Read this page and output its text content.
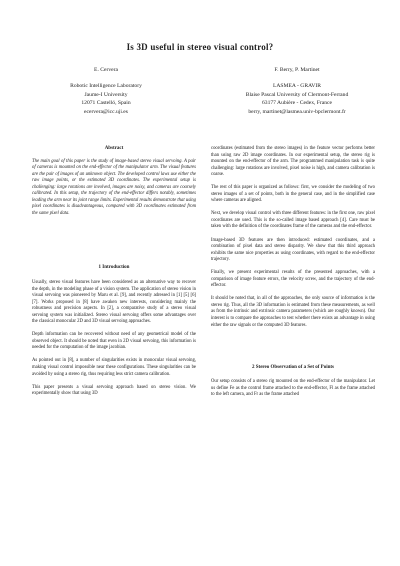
Is 3D useful in stereo visual control?
E. Cervera
Robotic Intelligence Laboratory
Jaume-I University
12071 Castelló, Spain
ecervera@icc.uji.es
F. Berry, P. Martinet
LASMEA - GRAVIR
Blaise Pascal University of Clermont-Ferrand
63177 Aubière - Cedex, France
berry, martinet@lasmea.univ-bpclermont.fr
Abstract

The main goal of this paper is the study of image-based stereo visual servoing. A pair of cameras is mounted on the end-effector of the manipulator arm. The visual features are the pair of images of an unknown object. The developed control laws use either the raw image points, or the estimated 3D coordinates. The experimental setup is challenging: large rotations are involved, images are noisy, and cameras are coarsely calibrated. In this setup, the trajectory of the end-effector differs notably, sometimes leading the arm near its joint range limits. Experimental results demonstrate that using pixel coordinates is disadvantageous, compared with 3D coordinates estimated from the same pixel data.

1 Introduction

Usually, stereo visual features have been considered as an alternative way to recover the depth, in the modeling phase of a vision system. The application of stereo vision in visual servoing was pioneered by Maru et al. [9], and recently adressed in [1] [5] [6] [7]. Works proposed in [8] have awaken new interests, considering mainly the robustness and precision aspects. In [2], a comparative study of a stereo visual servoing system was initialized. Stereo visual servoing offers some advantages over the classical monocular 2D and 3D visual servoing approaches.

Depth information can be recovered without need of any geometrical model of the observed object. It should be noted that even in 2D visual servoing, this information is needed for the computation of the image jacobian.

As pointed out in [8], a number of singularities exists in monocular visual servoing, making visual control impossible near these configurations. These singularities can be avoided by using a stereo rig, thus requiring less strict camera calibration.

This paper presents a visual servoing approach based on stereo vision. We experimentally show that using 3D

coordinates (estimated from the stereo images) in the feature vector performs better than using raw 2D image coordinates. In our experimental setup, the stereo rig is mounted on the end-effector of the arm. The programmed manipulation task is quite challenging: large rotations are involved, pixel noise is high, and camera calibration is coarse.

The rest of this paper is organized as follows: first, we consider the modeling of two stereo images of a set of points, both in the general case, and in the simplified case where cameras are aligned.

Next, we develop visual control with three different features: in the first one, raw pixel coordinates are used. This is the so-called image based approach [4]. Care must be taken with the definition of the coordinates frame of the cameras and the end-effector.

Image-based 3D features are then introduced: estimated coordinates, and a combination of pixel data and stereo disparity. We show that this third approach exhibits the same nice properties as using coordinates, with regard to the end-effector trajectory.

Finally, we present experimental results of the presented approaches, with a comparison of image feature errors, the velocity screw, and the trajectory of the end-effector.

It should be noted that, in all of the approaches, the only source of information is the stereo rig. Thus, all the 3D information is estimated from these measurements, as well as from the intrinsic and extrinsic camera parameters (which are roughly known). Our interest is to compare the approaches to test whether there exists an advantage in using either the raw signals or the computed 3D features.

2 Stereo Observation of a Set of Points

Our setup consists of a stereo rig mounted on the end-effector of the manipulator. Let us define Fe as the control frame attached to the end-effector, Fl as the frame attached to the left camera, and Fr as the frame attached
